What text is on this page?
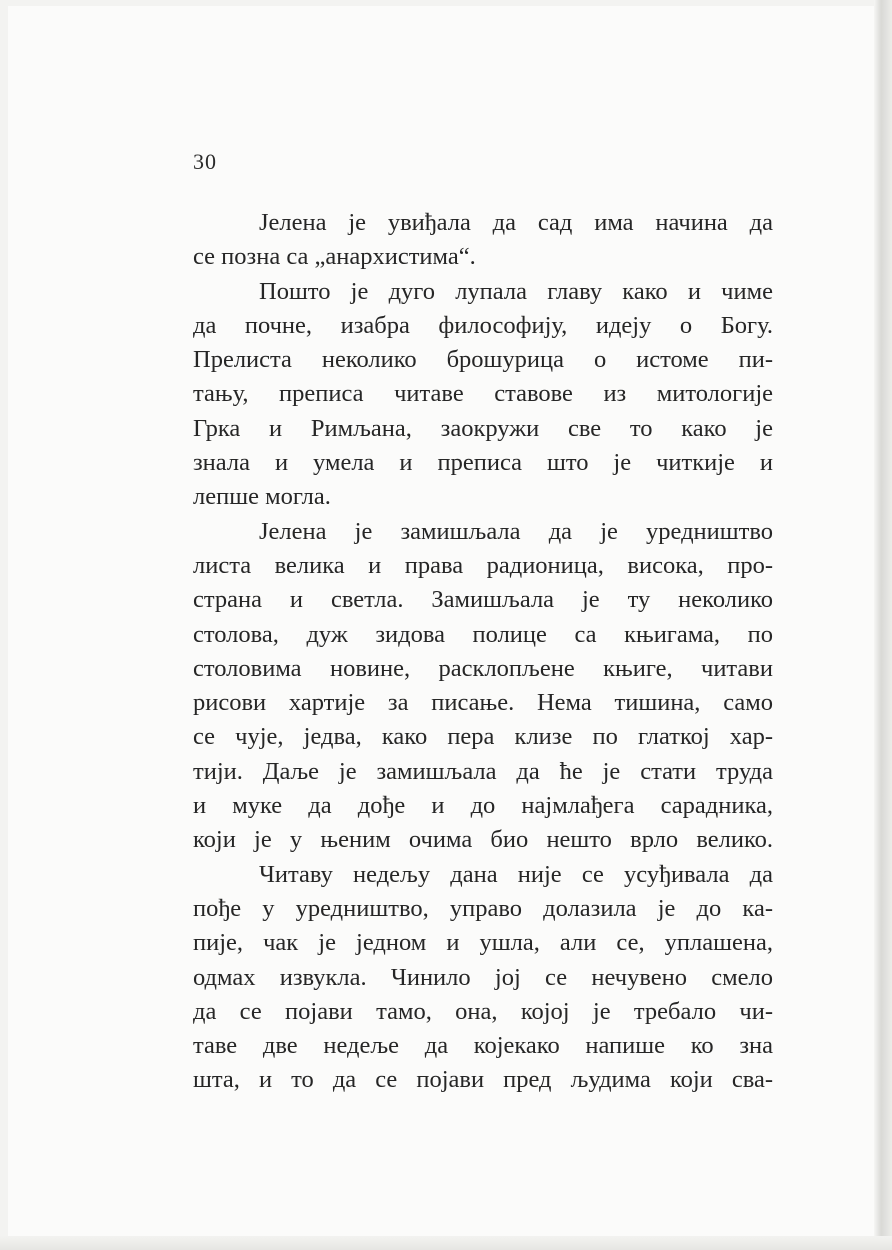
30
Јелена је увиђала да сад има начина да
се позна са „анархистима“.
Пошто је дуго лупала главу како и чиме
да почне, изабра философију, идеју о Богу.
Прелиста неколико брошурица о истоме пи-
тању, преписа читаве ставове из митологије
Грка и Римљана, заокружи све то како је
знала и умела и преписа што је читкије и
лепше могла.
Јелена је замишљала да је уредништво
листа велика и права радионица, висока, про-
страна и светла. Замишљала је ту неколико
столова, дуж зидова полице са књигама, по
столовима новине, расклопљене књиге, читави
рисови хартије за писање. Нема тишина, само
се чује, једва, како пера клизе по глаткој хар-
тији. Даље је замишљала да ће је стати труда
и муке да дође и до најмлађега сарадника,
који је у њеним очима био нешто врло велико.
Читаву недељу дана није се усуђивала да
пође у уредништво, управо долазила је до ка-
пије, чак је једном и ушла, али се, уплашена,
одмах извукла. Чинило јој се нечувено смело
да се појави тамо, она, којој је требало чи-
таве две недеље да којекако напише ко зна
шта, и то да се појави пред људима који сва-
